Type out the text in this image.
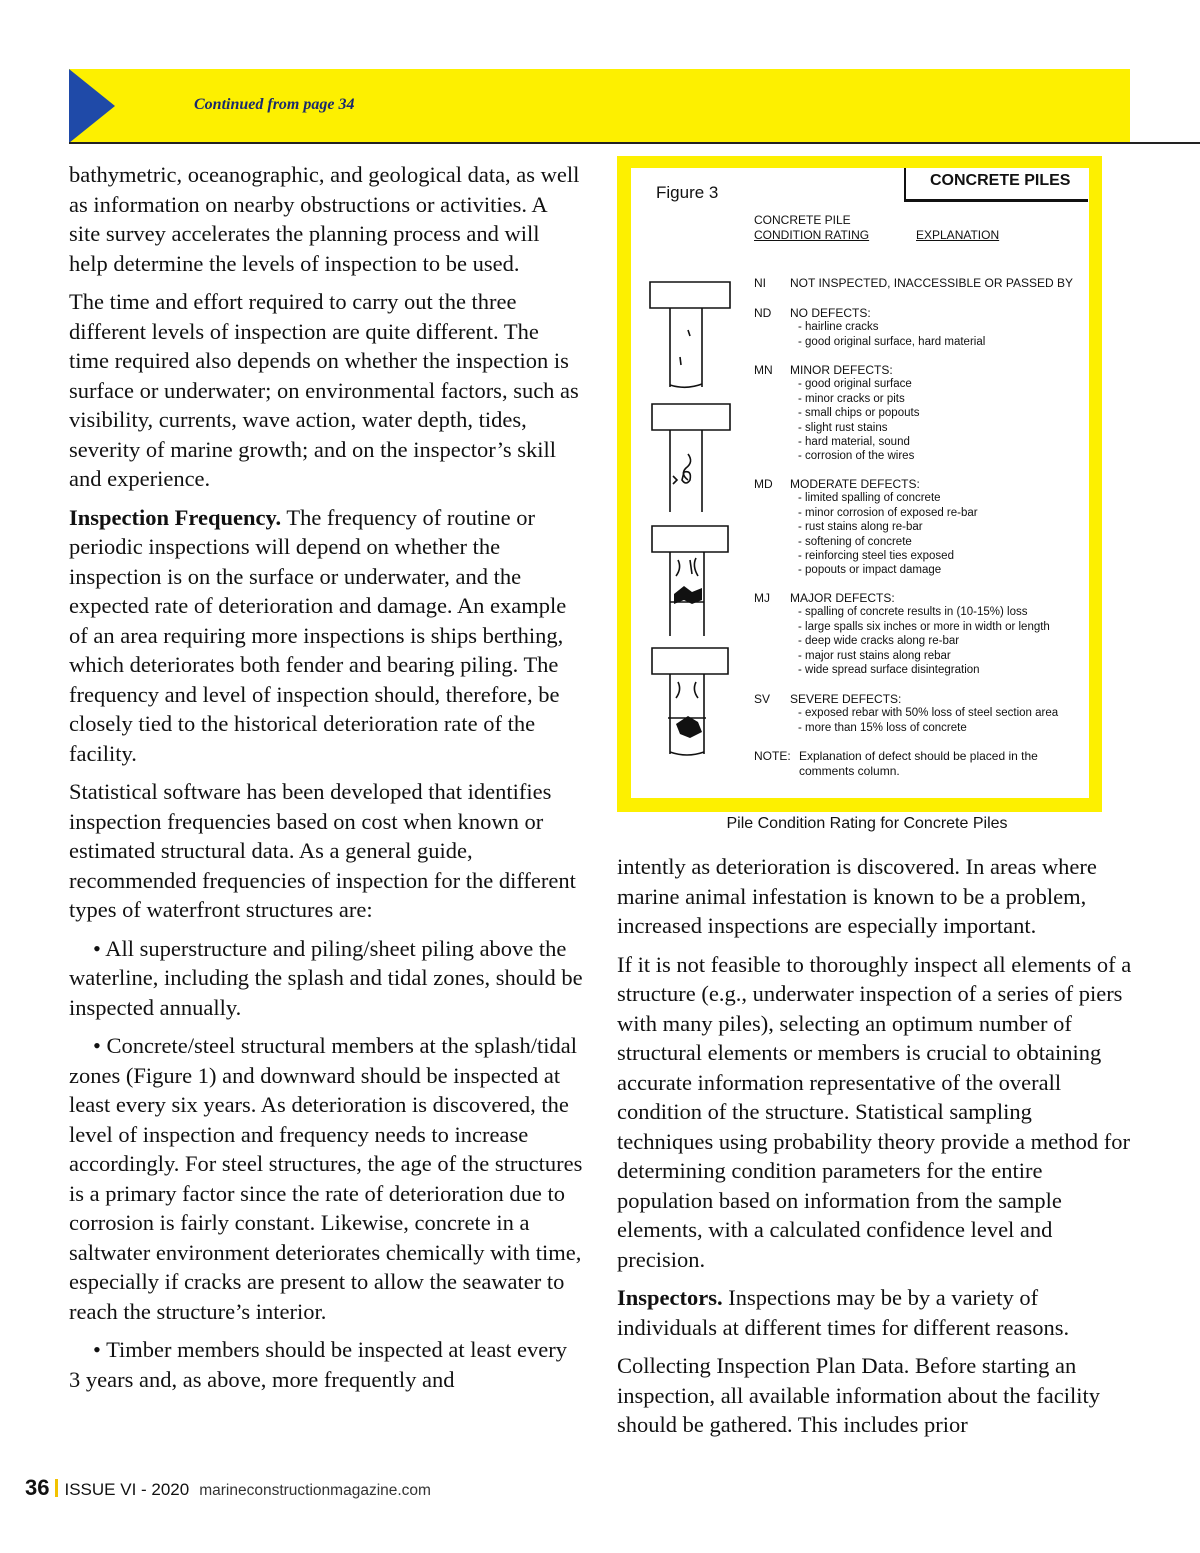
Continued from page 34

bathymetric, oceanographic, and geological data, as well as information on nearby obstructions or activities. A site survey accelerates the planning process and will help determine the levels of inspection to be used.

The time and effort required to carry out the three different levels of inspection are quite different. The time required also depends on whether the inspection is surface or underwater; on environmental factors, such as visibility, currents, wave action, water depth, tides, severity of marine growth; and on the inspector’s skill and experience.

Inspection Frequency. The frequency of routine or periodic inspections will depend on whether the inspection is on the surface or underwater, and the expected rate of deterioration and damage. An example of an area requiring more inspections is ships berthing, which deteriorates both fender and bearing piling. The frequency and level of inspection should, therefore, be closely tied to the historical deterioration rate of the facility.

Statistical software has been developed that identifies inspection frequencies based on cost when known or estimated structural data. As a general guide, recommended frequencies of inspection for the different types of waterfront structures are:

• All superstructure and piling/sheet piling above the waterline, including the splash and tidal zones, should be inspected annually.

• Concrete/steel structural members at the splash/tidal zones (Figure 1) and downward should be inspected at least every six years. As deterioration is discovered, the level of inspection and frequency needs to increase accordingly. For steel structures, the age of the structures is a primary factor since the rate of deterioration due to corrosion is fairly constant. Likewise, concrete in a saltwater environment deteriorates chemically with time, especially if cracks are present to allow the seawater to reach the structure’s interior.

• Timber members should be inspected at least every 3 years and, as above, more frequently and

Figure 3
CONCRETE PILES
CONCRETE PILE
CONDITION RATING	EXPLANATION
NI	NOT INSPECTED, INACCESSIBLE OR PASSED BY
ND	NO DEFECTS:
- hairline cracks
- good original surface, hard material
MN	MINOR DEFECTS:
- good original surface
- minor cracks or pits
- small chips or popouts
- slight rust stains
- hard material, sound
- corrosion of the wires
MD	MODERATE DEFECTS:
- limited spalling of concrete
- minor corrosion of exposed re-bar
- rust stains along re-bar
- softening of concrete
- reinforcing steel ties exposed
- popouts or impact damage
MJ	MAJOR DEFECTS:
- spalling of concrete results in (10-15%) loss
- large spalls six inches or more in width or length
- deep wide cracks along re-bar
- major rust stains along rebar
- wide spread surface disintegration
SV	SEVERE DEFECTS:
- exposed rebar with 50% loss of steel section area
- more than 15% loss of concrete
NOTE: Explanation of defect should be placed in the comments column.
Pile Condition Rating for Concrete Piles

intently as deterioration is discovered. In areas where marine animal infestation is known to be a problem, increased inspections are especially important.

If it is not feasible to thoroughly inspect all elements of a structure (e.g., underwater inspection of a series of piers with many piles), selecting an optimum number of structural elements or members is crucial to obtaining accurate information representative of the overall condition of the structure. Statistical sampling techniques using probability theory provide a method for determining condition parameters for the entire population based on information from the sample elements, with a calculated confidence level and precision.

Inspectors. Inspections may be by a variety of individuals at different times for different reasons.

Collecting Inspection Plan Data. Before starting an inspection, all available information about the facility should be gathered. This includes prior

36 ISSUE VI - 2020 marineconstructionmagazine.com
